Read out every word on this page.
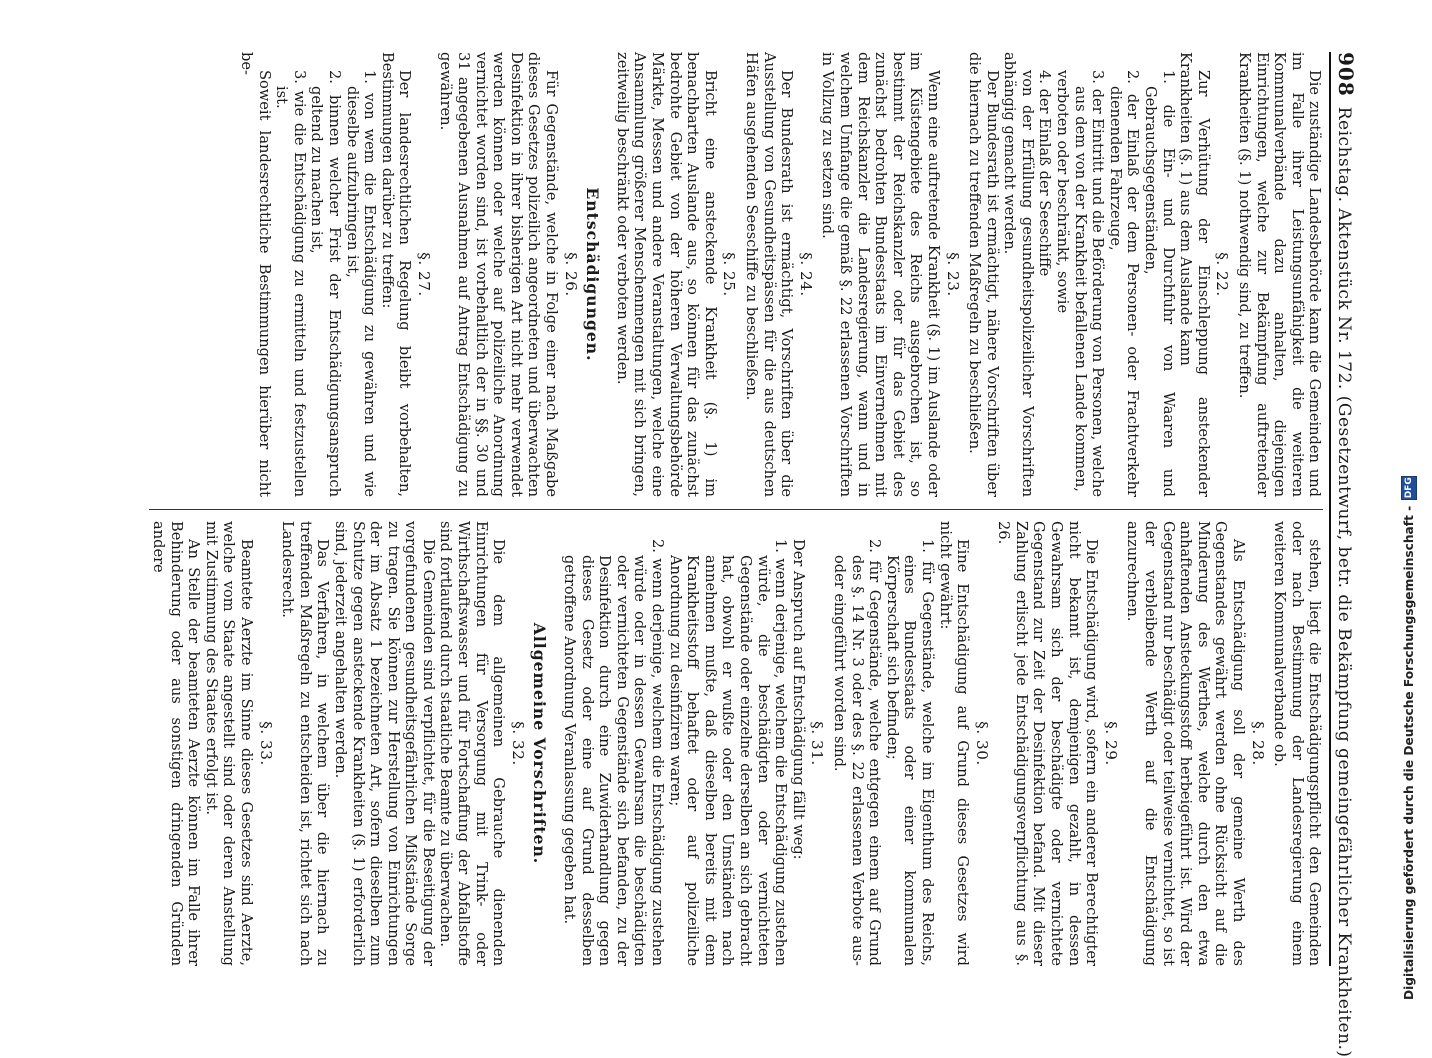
908
Reichstag. Aktenstück Nr. 172. (Gesetzentwurf, betr. die Bekämpfung gemeingefährlicher Krankheiten.)

Die zuständige Landesbehörde kann die Gemeinden und im Falle ihrer Leistungsunfähigkeit die weiteren Kommunalverbände dazu anhalten, diejenigen Einrichtungen, welche zur Bekämpfung auftretender Krankheiten (§. 1) nothwendig sind, zu treffen.

§. 22.

Zur Verhütung der Einschleppung ansteckender Krankheiten (§. 1) aus dem Auslande kann

1. die Ein- und Durchfuhr von Waaren und Gebrauchsgegenständen,

2. der Einlaß der dem Personen- oder Frachtverkehr dienenden Fahrzeuge,

3. der Eintritt und die Beförderung von Personen, welche aus dem von der Krankheit befallenen Lande kommen,

verboten oder beschränkt, sowie

4. der Einlaß der Seeschiffe

von der Erfüllung gesundheitspolizeilicher Vorschriften abhängig gemacht werden.

Der Bundesrath ist ermächtigt, nähere Vorschriften über die hiernach zu treffenden Maßregeln zu beschließen.

§. 23.

Wenn eine auftretende Krankheit (§. 1) im Auslande oder im Küstengebiete des Reichs ausgebrochen ist, so bestimmt der Reichskanzler oder für das Gebiet des zunächst bedrohten Bundesstaats im Einvernehmen mit dem Reichskanzler die Landesregierung, wann und in welchem Umfange die gemäß §. 22 erlassenen Vorschriften in Vollzug zu setzen sind.

§. 24.

Der Bundesrath ist ermächtigt, Vorschriften über die Ausstellung von Gesundheitspässen für die aus deutschen Häfen ausgehenden Seeschiffe zu beschließen.

§. 25.

Bricht eine ansteckende Krankheit (§. 1) im benachbarten Auslande aus, so können für das zunächst bedrohte Gebiet von der höheren Verwaltungsbehörde Märkte, Messen und andere Veranstaltungen, welche eine Ansammlung größerer Menschenmengen mit sich bringen, zeitweilig beschränkt oder verboten werden.

Entschädigungen.
§. 26.

Für Gegenstände, welche in Folge einer nach Maßgabe dieses Gesetzes polizeilich angeordneten und überwachten Desinfektion in ihrer bisherigen Art nicht mehr verwendet werden können oder welche auf polizeiliche Anordnung vernichtet worden sind, ist vorbehaltlich der in §§. 30 und 31 angegebenen Ausnahmen auf Antrag Entschädigung zu gewähren.

§. 27.

Der landesrechtlichen Regelung bleibt vorbehalten, Bestimmungen darüber zu treffen:

1. von wem die Entschädigung zu gewähren und wie dieselbe aufzubringen ist,

2. binnen welcher Frist der Entschädigungsanspruch geltend zu machen ist,

3. wie die Entschädigung zu ermitteln und festzustellen ist.

Soweit landesrechtliche Bestimmungen hierüber nicht be-

stehen, liegt die Entschädigungspflicht den Gemeinden oder nach Bestimmung der Landesregierung einem weiteren Kommunalverbande ob.

§. 28.

Als Entschädigung soll der gemeine Werth des Gegenstandes gewährt werden ohne Rücksicht auf die Minderung des Werthes, welche durch den etwa anhaftenden Ansteckungsstoff herbeigeführt ist. Wird der Gegenstand nur beschädigt oder teilweise vernichtet, so ist der verbleibende Werth auf die Entschädigung anzurechnen.

§. 29.

Die Entschädigung wird, sofern ein anderer Berechtigter nicht bekannt ist, demjenigen gezahlt, in dessen Gewahrsam sich der beschädigte oder vernichtete Gegenstand zur Zeit der Desinfektion befand. Mit dieser Zahlung erlischt jede Entschädigungsverpflichtung aus §. 26.

§. 30.

Eine Entschädigung auf Grund dieses Gesetzes wird nicht gewährt:

1. für Gegenstände, welche im Eigenthum des Reichs, eines Bundesstaats oder einer kommunalen Körperschaft sich befinden;

2. für Gegenstände, welche entgegen einem auf Grund des §. 14 Nr. 3 oder des §. 22 erlassenen Verbote aus- oder eingeführt worden sind.

§. 31.

Der Anspruch auf Entschädigung fällt weg:

1. wenn derjenige, welchem die Entschädigung zustehen würde, die beschädigten oder vernichteten Gegenstände oder einzelne derselben an sich gebracht hat, obwohl er wußte oder den Umständen nach annehmen mußte, daß dieselben bereits mit dem Krankheitsstoff behaftet oder auf polizeiliche Anordnung zu desinfiziren waren;

2. wenn derjenige, welchem die Entschädigung zustehen würde oder in dessen Gewahrsam die beschädigten oder vernichteten Gegenstände sich befanden, zu der Desinfektion durch eine Zuwiderhandlung gegen dieses Gesetz oder eine auf Grund desselben getroffene Anordnung Veranlassung gegeben hat.

Allgemeine Vorschriften.
§. 32.

Die dem allgemeinen Gebrauche dienenden Einrichtungen für Versorgung mit Trink- oder Wirthschaftswasser und für Fortschaffung der Abfallstoffe sind fortlaufend durch staatliche Beamte zu überwachen.

Die Gemeinden sind verpflichtet, für die Beseitigung der vorgefundenen gesundheitsgefährlichen Mißstände Sorge zu tragen. Sie können zur Herstellung von Einrichtungen der im Absatz 1 bezeichneten Art, sofern dieselben zum Schutze gegen ansteckende Krankheiten (§. 1) erforderlich sind, jederzeit angehalten werden.

Das Verfahren, in welchem über die hiernach zu treffenden Maßregeln zu entscheiden ist, richtet sich nach Landesrecht.

§. 33.

Beamtete Aerzte im Sinne dieses Gesetzes sind Aerzte, welche vom Staate angestellt sind oder deren Anstellung mit Zustimmung des Staates erfolgt ist.

An Stelle der beamteten Aerzte können im Falle ihrer Behinderung oder aus sonstigen dringenden Gründen andere	Digitalisierung gefördert durch die Deutsche Forschungsgemeinschaft -
DFG
